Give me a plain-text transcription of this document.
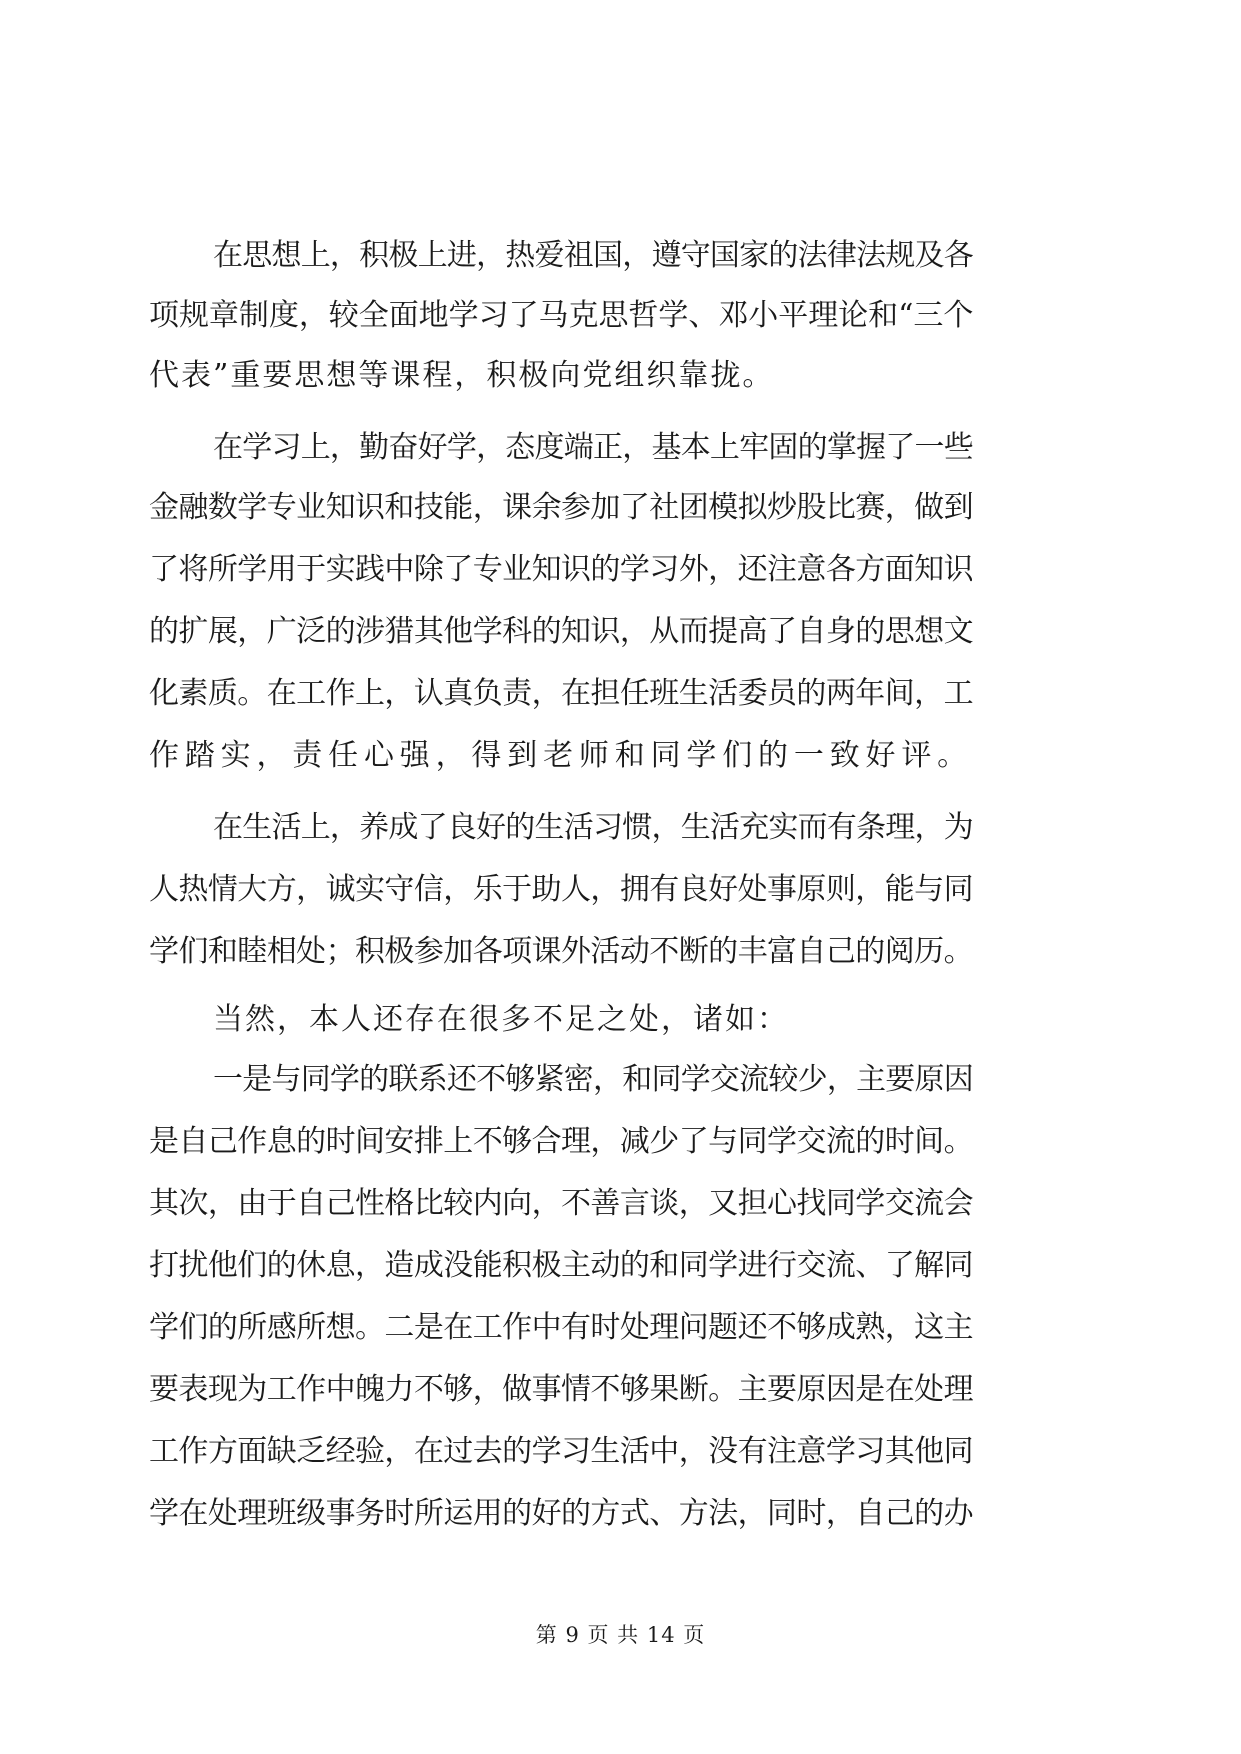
在思想上，积极上进，热爱祖国，遵守国家的法律法规及各
项规章制度，较全面地学习了马克思哲学、邓小平理论和“三个
代表”重要思想等课程，积极向党组织靠拢。
在学习上，勤奋好学，态度端正，基本上牢固的掌握了一些
金融数学专业知识和技能，课余参加了社团模拟炒股比赛，做到
了将所学用于实践中除了专业知识的学习外，还注意各方面知识
的扩展，广泛的涉猎其他学科的知识，从而提高了自身的思想文
化素质。在工作上，认真负责，在担任班生活委员的两年间，工
作踏实，责任心强，得到老师和同学们的一致好评。
在生活上，养成了良好的生活习惯，生活充实而有条理，为
人热情大方，诚实守信，乐于助人，拥有良好处事原则，能与同
学们和睦相处；积极参加各项课外活动不断的丰富自己的阅历。
当然，本人还存在很多不足之处，诸如：
一是与同学的联系还不够紧密，和同学交流较少，主要原因
是自己作息的时间安排上不够合理，减少了与同学交流的时间。
其次，由于自己性格比较内向，不善言谈，又担心找同学交流会
打扰他们的休息，造成没能积极主动的和同学进行交流、了解同
学们的所感所想。二是在工作中有时处理问题还不够成熟，这主
要表现为工作中魄力不够，做事情不够果断。主要原因是在处理
工作方面缺乏经验，在过去的学习生活中，没有注意学习其他同
学在处理班级事务时所运用的好的方式、方法，同时，自己的办
第 9 页 共 14 页
